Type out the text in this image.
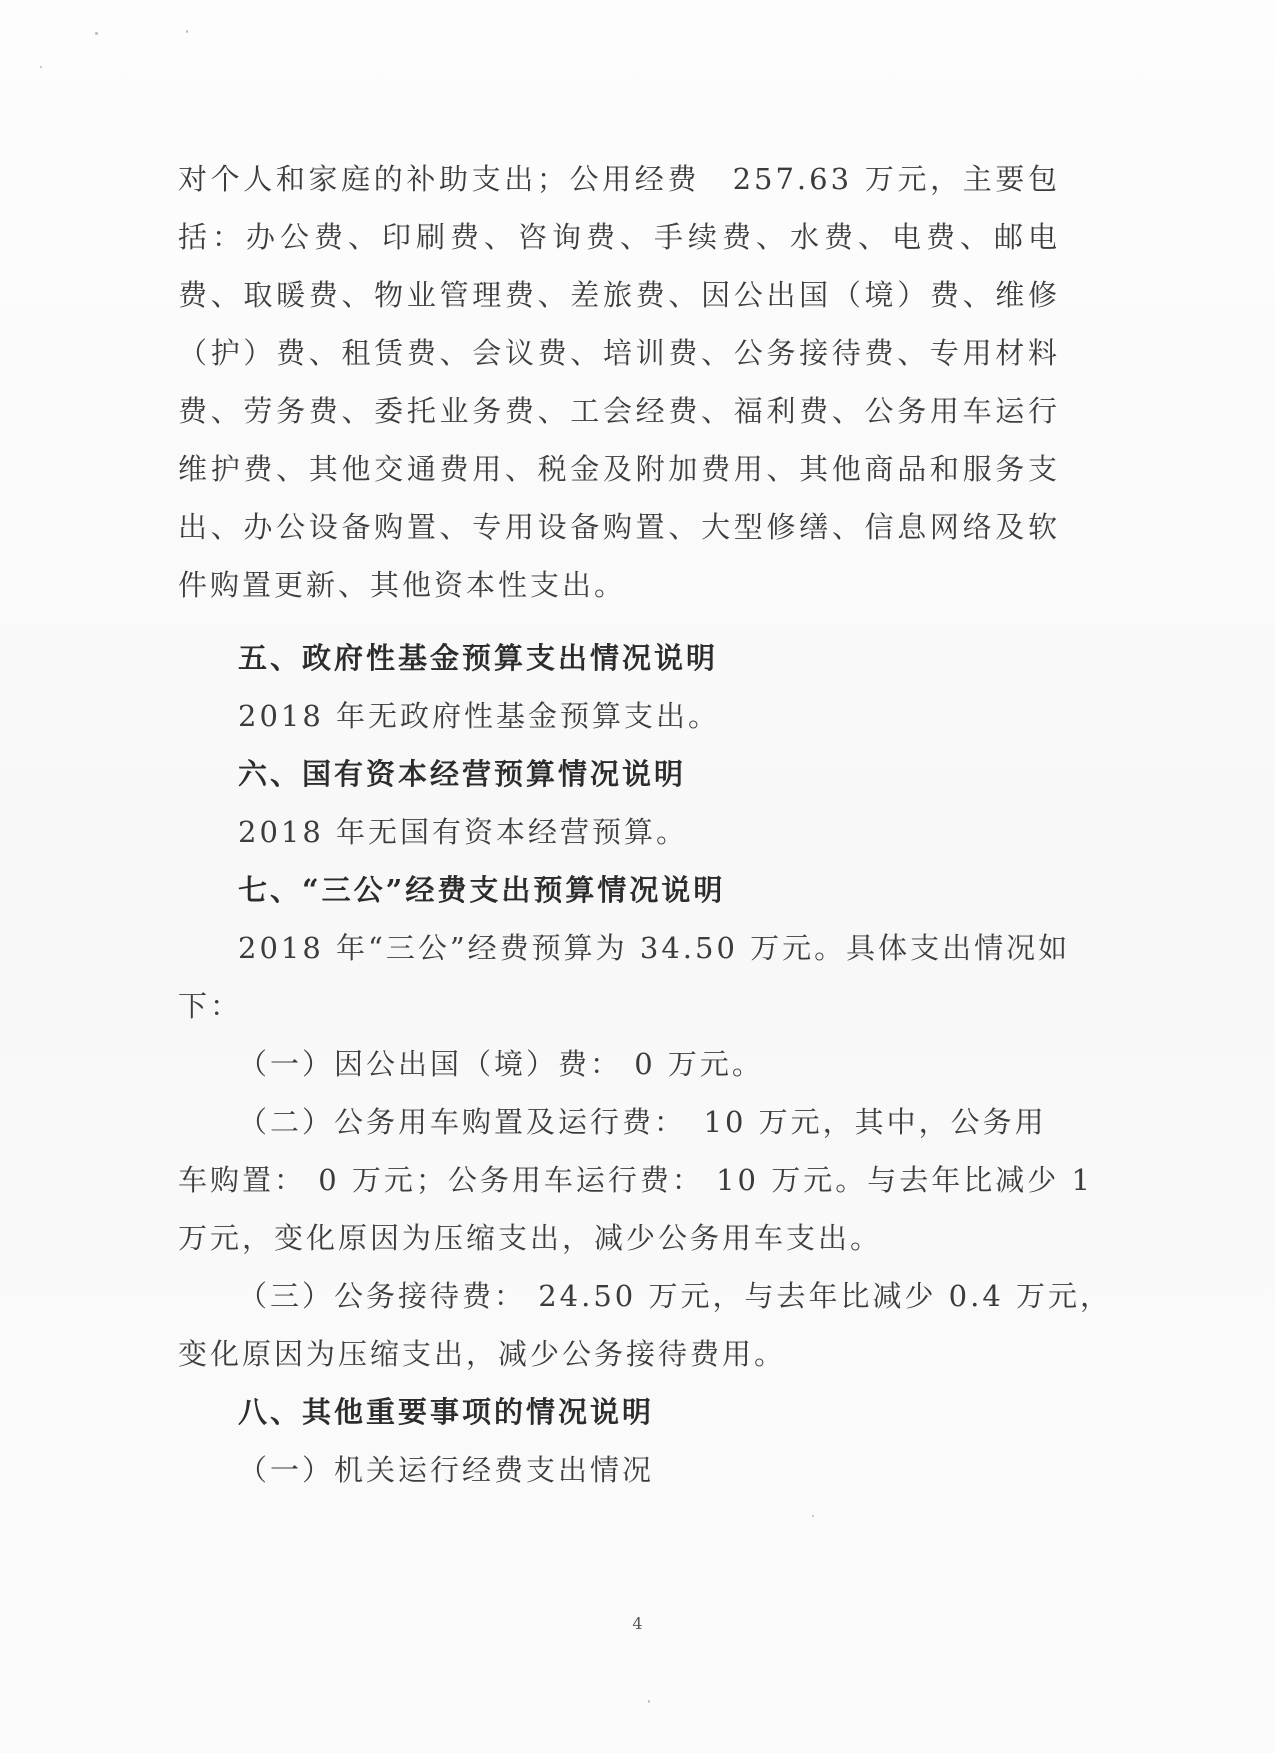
对个人和家庭的补助支出；公用经费　257.63 万元，主要包括：办公费、印刷费、咨询费、手续费、水费、电费、邮电费、取暖费、物业管理费、差旅费、因公出国（境）费、维修（护）费、租赁费、会议费、培训费、公务接待费、专用材料费、劳务费、委托业务费、工会经费、福利费、公务用车运行维护费、其他交通费用、税金及附加费用、其他商品和服务支出、办公设备购置、专用设备购置、大型修缮、信息网络及软件购置更新、其他资本性支出。
五、政府性基金预算支出情况说明
2018 年无政府性基金预算支出。
六、国有资本经营预算情况说明
2018 年无国有资本经营预算。
七、“三公”经费支出预算情况说明
2018 年“三公”经费预算为 34.50 万元。具体支出情况如
下：
（一）因公出国（境）费： 0 万元。
（二）公务用车购置及运行费：　10 万元，其中，公务用
车购置： 0 万元；公务用车运行费： 10 万元。与去年比减少 1
万元，变化原因为压缩支出，减少公务用车支出。
（三）公务接待费： 24.50 万元，与去年比减少 0.4 万元，
变化原因为压缩支出，减少公务接待费用。
八、其他重要事项的情况说明
（一）机关运行经费支出情况
4
